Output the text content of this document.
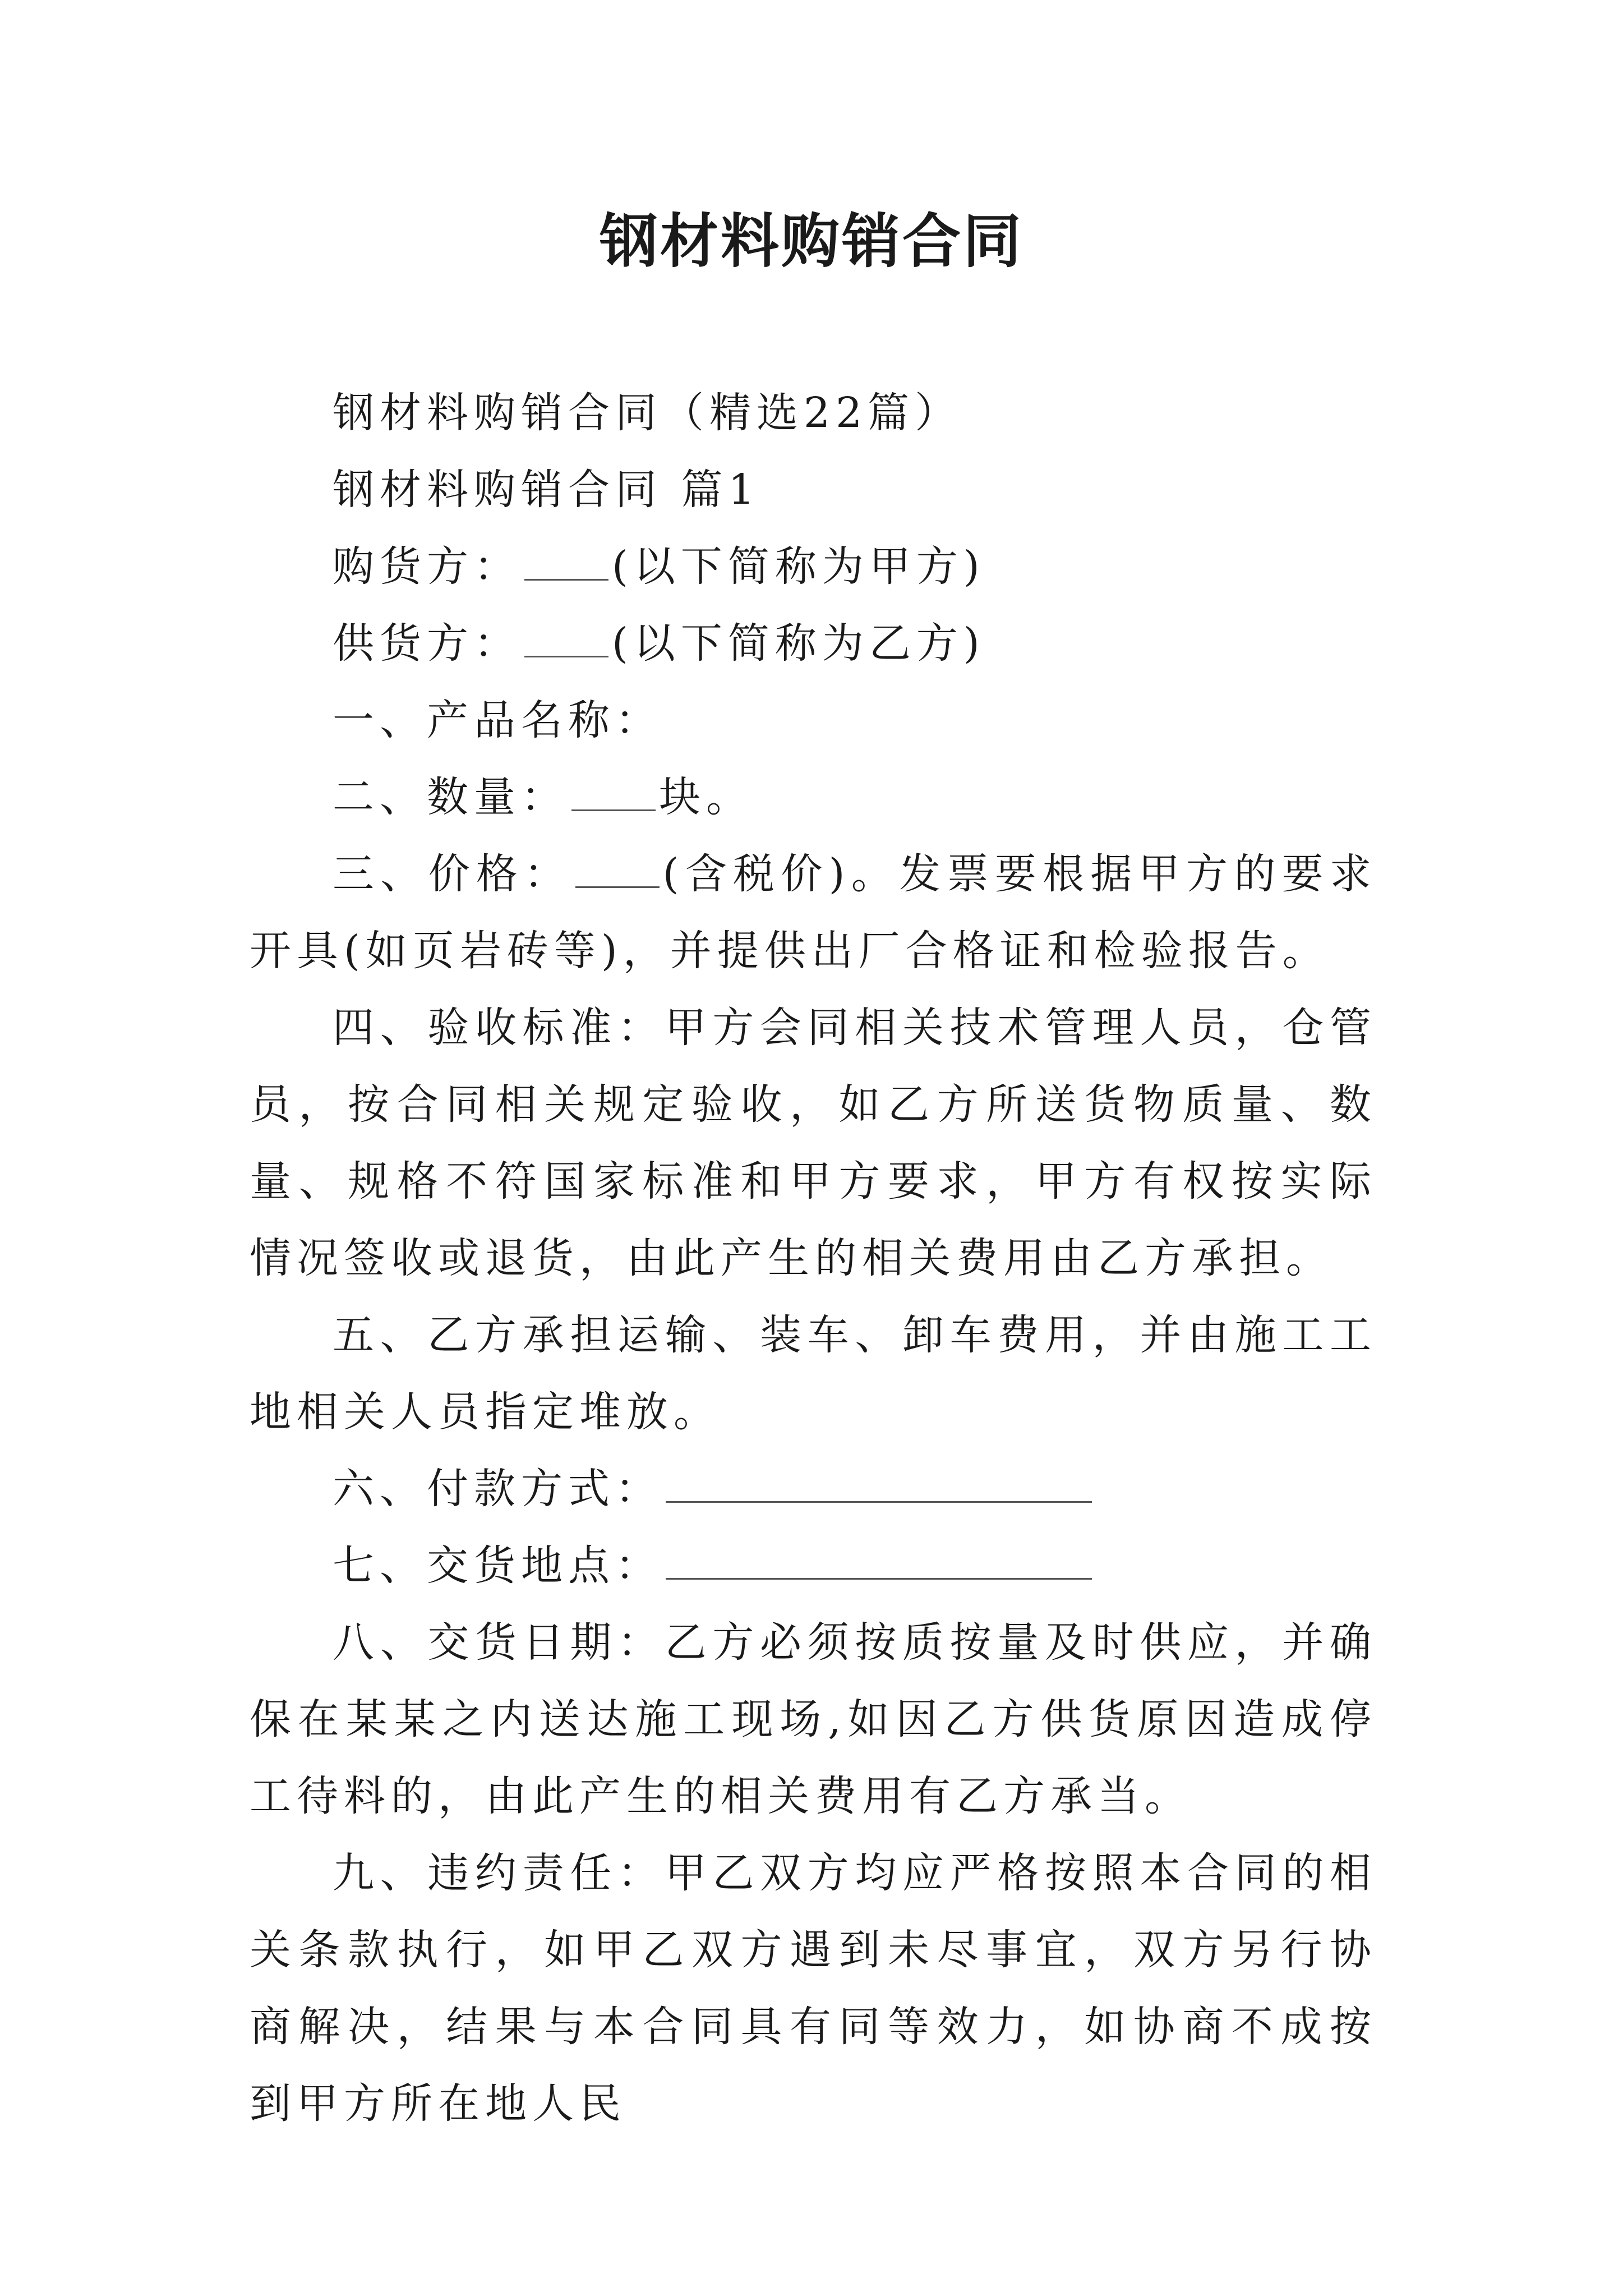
钢材料购销合同

钢材料购销合同（精选22篇）

钢材料购销合同 篇1

购货方： (以下简称为甲方)

供货方： (以下简称为乙方)

一、产品名称：

二、数量： 块。

三、价格： (含税价)。发票要根据甲方的要求开具(如页岩砖等)，并提供出厂合格证和检验报告。

四、验收标准：甲方会同相关技术管理人员，仓管员，按合同相关规定验收，如乙方所送货物质量、数量、规格不符国家标准和甲方要求，甲方有权按实际情况签收或退货，由此产生的相关费用由乙方承担。

五、乙方承担运输、装车、卸车费用，并由施工工地相关人员指定堆放。

六、付款方式：

七、交货地点：

八、交货日期：乙方必须按质按量及时供应，并确保在某某之内送达施工现场,如因乙方供货原因造成停工待料的，由此产生的相关费用有乙方承当。

九、违约责任：甲乙双方均应严格按照本合同的相关条款执行，如甲乙双方遇到未尽事宜，双方另行协商解决，结果与本合同具有同等效力，如协商不成按到甲方所在地人民
